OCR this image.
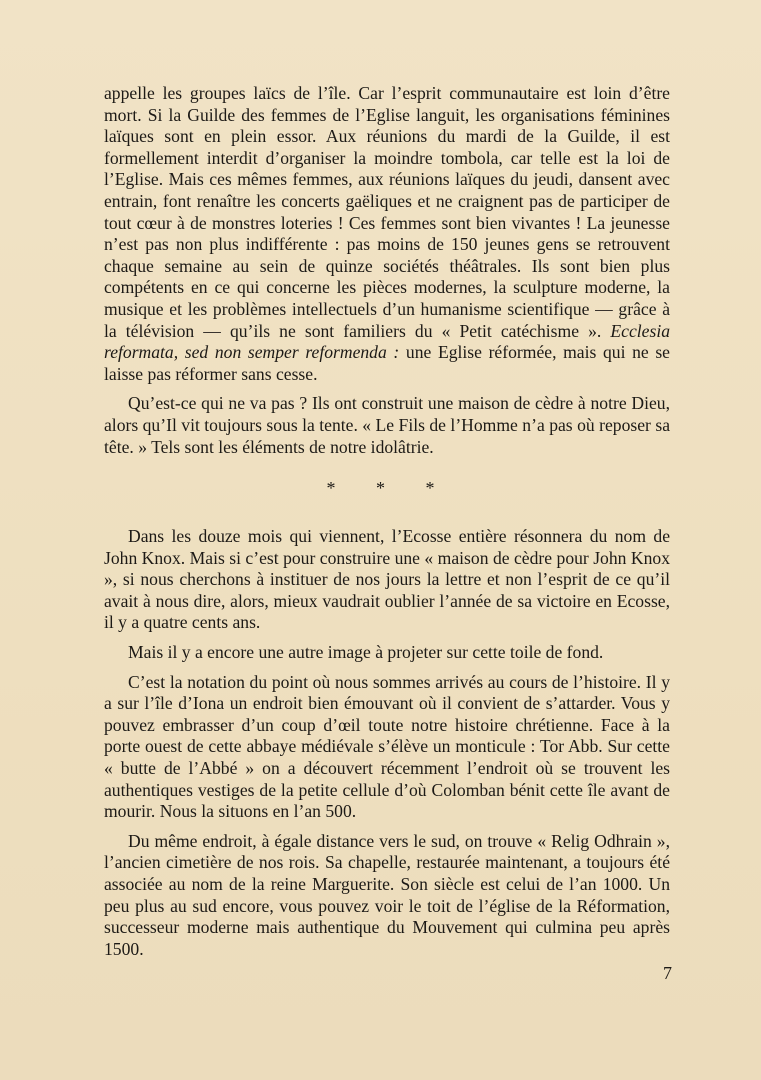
appelle les groupes laïcs de l’île. Car l’esprit communautaire est loin d’être mort. Si la Guilde des femmes de l’Eglise languit, les organisations féminines laïques sont en plein essor. Aux réunions du mardi de la Guilde, il est formellement interdit d’organiser la moindre tombola, car telle est la loi de l’Eglise. Mais ces mêmes femmes, aux réunions laïques du jeudi, dansent avec entrain, font renaître les concerts gaëliques et ne craignent pas de participer de tout cœur à de monstres loteries ! Ces femmes sont bien vivantes ! La jeunesse n’est pas non plus indifférente : pas moins de 150 jeunes gens se retrouvent chaque semaine au sein de quinze sociétés théâtrales. Ils sont bien plus compétents en ce qui concerne les pièces modernes, la sculpture moderne, la musique et les problèmes intellectuels d’un humanisme scientifique — grâce à la télévision — qu’ils ne sont familiers du « Petit catéchisme ». Ecclesia reformata, sed non semper reformenda : une Eglise réformée, mais qui ne se laisse pas réformer sans cesse.

Qu’est-ce qui ne va pas ? Ils ont construit une maison de cèdre à notre Dieu, alors qu’Il vit toujours sous la tente. « Le Fils de l’Homme n’a pas où reposer sa tête. » Tels sont les éléments de notre idolâtrie.

* * *

Dans les douze mois qui viennent, l’Ecosse entière résonnera du nom de John Knox. Mais si c’est pour construire une « maison de cèdre pour John Knox », si nous cherchons à instituer de nos jours la lettre et non l’esprit de ce qu’il avait à nous dire, alors, mieux vaudrait oublier l’année de sa victoire en Ecosse, il y a quatre cents ans.

Mais il y a encore une autre image à projeter sur cette toile de fond.

C’est la notation du point où nous sommes arrivés au cours de l’histoire. Il y a sur l’île d’Iona un endroit bien émouvant où il convient de s’attarder. Vous y pouvez embrasser d’un coup d’œil toute notre histoire chrétienne. Face à la porte ouest de cette abbaye médiévale s’élève un monticule : Tor Abb. Sur cette « butte de l’Abbé » on a découvert récemment l’endroit où se trouvent les authentiques vestiges de la petite cellule d’où Colomban bénit cette île avant de mourir. Nous la situons en l’an 500.

Du même endroit, à égale distance vers le sud, on trouve « Relig Odhrain », l’ancien cimetière de nos rois. Sa chapelle, restaurée maintenant, a toujours été associée au nom de la reine Marguerite. Son siècle est celui de l’an 1000. Un peu plus au sud encore, vous pouvez voir le toit de l’église de la Réformation, successeur moderne mais authentique du Mouvement qui culmina peu après 1500.

7
